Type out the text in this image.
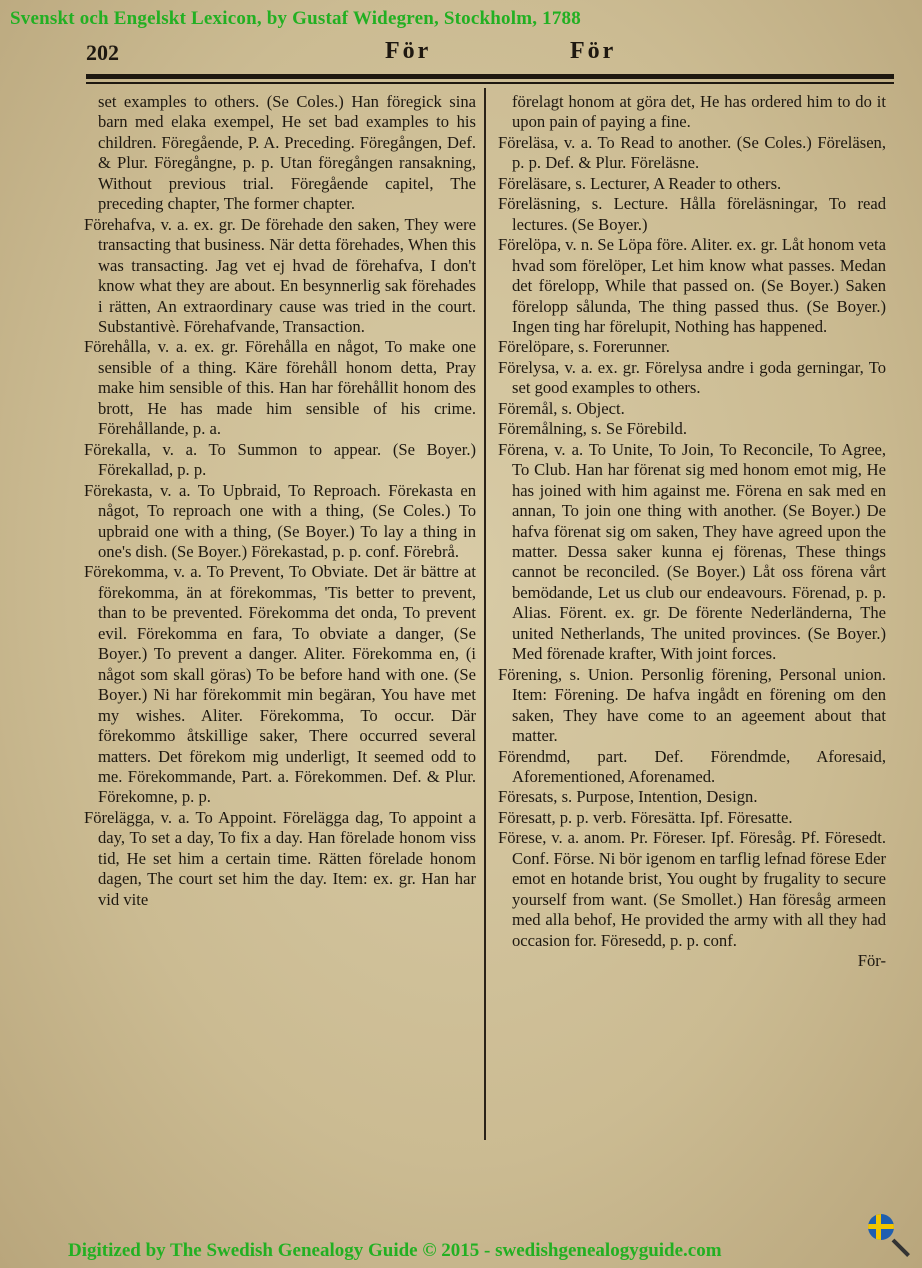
Svenskt och Engelskt Lexicon, by Gustaf Widegren, Stockholm, 1788
202	För	För

set examples to others. (Se Coles.) Han föregick sina barn med elaka exempel, He set bad examples to his children. Föregående, P. A. Preceding. Föregången, Def. & Plur. Föregångne, p. p. Utan föregången ransakning, Without previous trial. Föregående capitel, The preceding chapter, The former chapter.

Förehafva, v. a. ex. gr. De förehade den saken, They were transacting that business. När detta förehades, When this was transacting. Jag vet ej hvad de förehafva, I don't know what they are about. En besynnerlig sak förehades i rätten, An extraordinary cause was tried in the court. Substantivè. Förehafvande, Transaction.

Förehålla, v. a. ex. gr. Förehålla en något, To make one sensible of a thing. Käre förehåll honom detta, Pray make him sensible of this. Han har förehållit honom des brott, He has made him sensible of his crime. Förehållande, p. a.

Förekalla, v. a. To Summon to appear. (Se Boyer.) Förekallad, p. p.

Förekasta, v. a. To Upbraid, To Reproach. Förekasta en något, To reproach one with a thing, (Se Coles.) To upbraid one with a thing, (Se Boyer.) To lay a thing in one's dish. (Se Boyer.) Förekastad, p. p. conf. Förebrå.

Förekomma, v. a. To Prevent, To Obviate. Det är bättre at förekomma, än at förekommas, 'Tis better to prevent, than to be prevented. Förekomma det onda, To prevent evil. Förekomma en fara, To obviate a danger, (Se Boyer.) To prevent a danger. Aliter. Förekomma en, (i något som skall göras) To be before hand with one. (Se Boyer.) Ni har förekommit min begäran, You have met my wishes. Aliter. Förekomma, To occur. Där förekommo åtskillige saker, There occurred several matters. Det förekom mig underligt, It seemed odd to me. Förekommande, Part. a. Förekommen. Def. & Plur. Förekomne, p. p.

Förelägga, v. a. To Appoint. Förelägga dag, To appoint a day, To set a day, To fix a day. Han förelade honom viss tid, He set him a certain time. Rätten förelade honom dagen, The court set him the day. Item: ex. gr. Han har vid vite

förelagt honom at göra det, He has ordered him to do it upon pain of paying a fine.

Föreläsa, v. a. To Read to another. (Se Coles.) Föreläsen, p. p. Def. & Plur. Föreläsne.

Föreläsare, s. Lecturer, A Reader to others.

Föreläsning, s. Lecture. Hålla föreläsningar, To read lectures. (Se Boyer.)

Förelöpa, v. n. Se Löpa före. Aliter. ex. gr. Låt honom veta hvad som förelöper, Let him know what passes. Medan det förelopp, While that passed on. (Se Boyer.) Saken förelopp sålunda, The thing passed thus. (Se Boyer.) Ingen ting har förelupit, Nothing has happened.

Förelöpare, s. Forerunner.

Förelysa, v. a. ex. gr. Förelysa andre i goda gerningar, To set good examples to others.

Föremål, s. Object.

Föremålning, s. Se Förebild.

Förena, v. a. To Unite, To Join, To Reconcile, To Agree, To Club. Han har förenat sig med honom emot mig, He has joined with him against me. Förena en sak med en annan, To join one thing with another. (Se Boyer.) De hafva förenat sig om saken, They have agreed upon the matter. Dessa saker kunna ej förenas, These things cannot be reconciled. (Se Boyer.) Låt oss förena vårt bemödande, Let us club our endeavours. Förenad, p. p. Alias. Förent. ex. gr. De förente Nederländerna, The united Netherlands, The united provinces. (Se Boyer.) Med förenade krafter, With joint forces.

Förening, s. Union. Personlig förening, Personal union. Item: Förening. De hafva ingådt en förening om den saken, They have come to an ageement about that matter.

Förendmd, part. Def. Förendmde, Aforesaid, Aforementioned, Aforenamed.

Föresats, s. Purpose, Intention, Design.

Föresatt, p. p. verb. Föresätta. Ipf. Föresatte.

Förese, v. a. anom. Pr. Föreser. Ipf. Föresåg. Pf. Föresedt. Conf. Försе. Ni bör igenom en tarflig lefnad förese Eder emot en hotande brist, You ought by frugality to secure yourself from want. (Se Smollet.) Han föresåg armeen med alla behof, He provided the army with all they had occasion for. Föresedd, p. p. conf.

För-

Digitized by The Swedish Genealogy Guide © 2015 - swedishgenealogyguide.com
